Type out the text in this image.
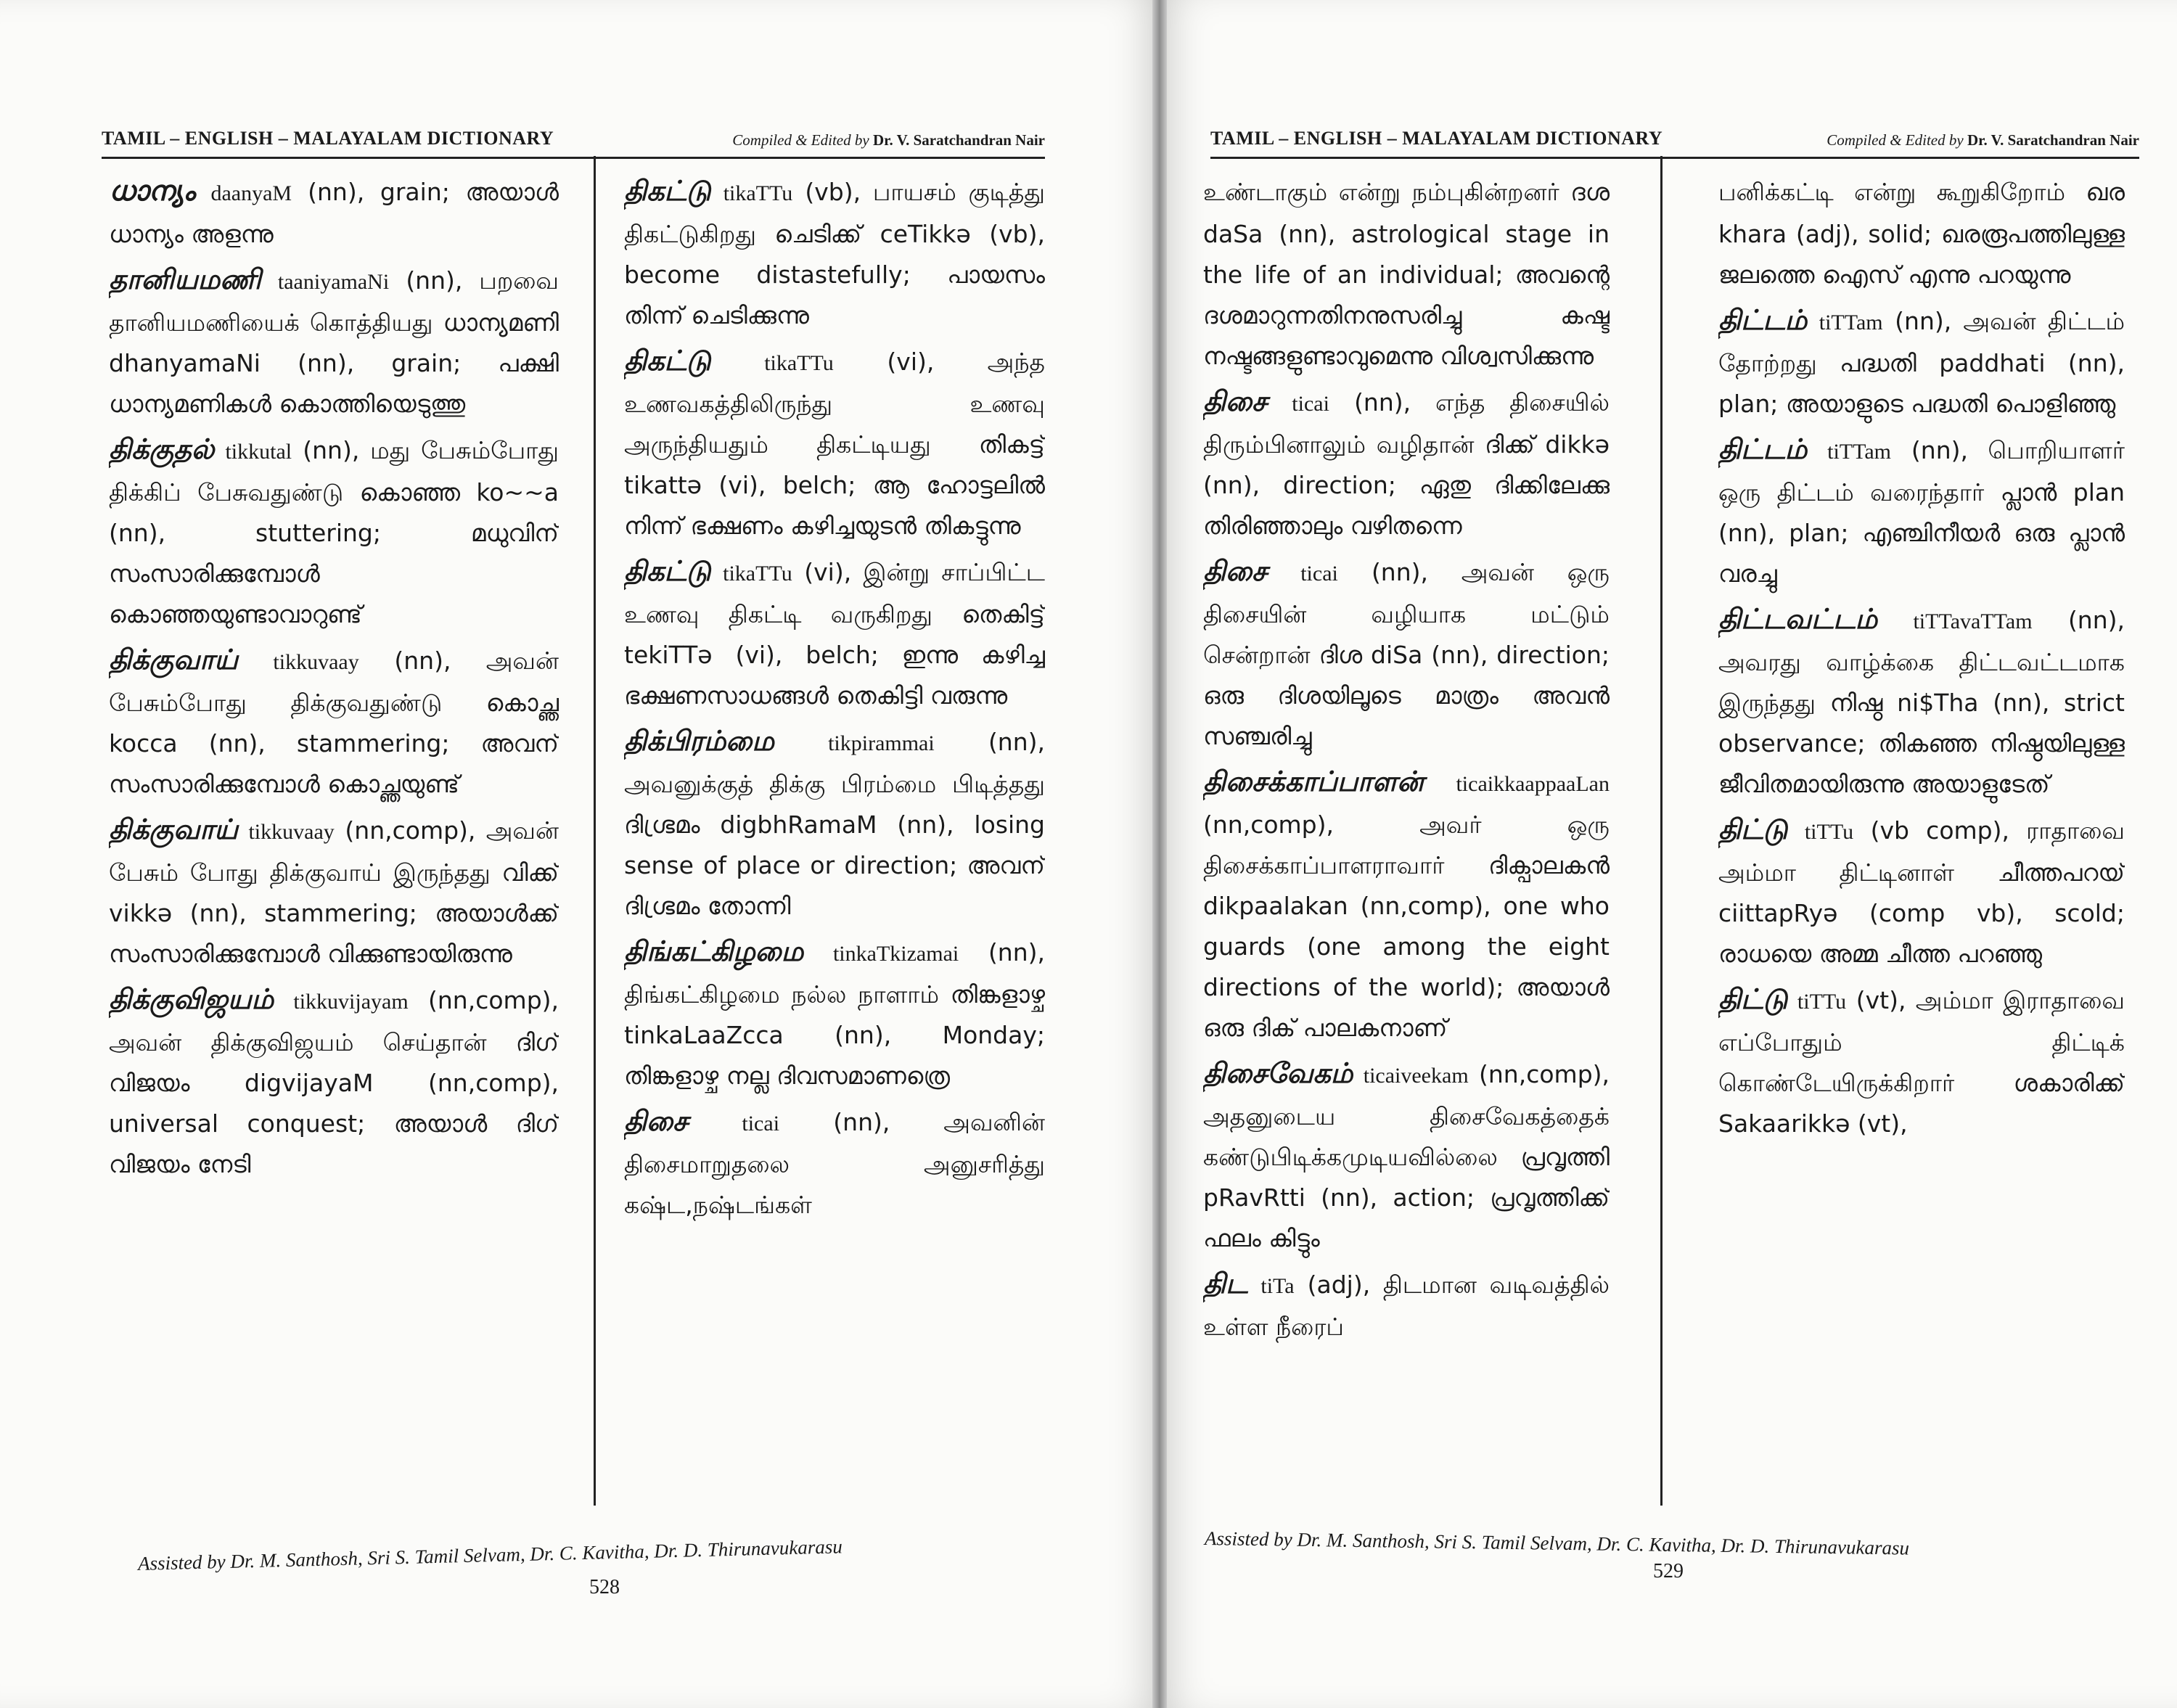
TAMIL – ENGLISH – MALAYALAM DICTIONARY	Compiled & Edited by Dr. V. Saratchandran Nair

ധാന്യം daanyaM (nn), grain; അയാൾ ധാന്യം അളന്നു

தானியமணி taaniyamaNi (nn), பறவை தானியமணியைக் கொத்தியது ധാന്യമണി dhanyamaNi (nn), grain; പക്ഷി ധാന്യമണികൾ കൊത്തിയെടുത്തു

திக்குதல் tikkutal (nn), மது பேசும்போது திக்கிப் பேசுவதுண்டு കൊഞ്ഞ ko~~a (nn), stuttering; മധുവിന് സംസാരിക്കുമ്പോൾ കൊഞ്ഞയുണ്ടാവാറുണ്ട്

திக்குவாய் tikkuvaay (nn), அவன் பேசும்போது திக்குவதுண்டு കൊച്ഞ kocca (nn), stammering; അവന് സംസാരിക്കുമ്പോൾ കൊച്ഞയുണ്ട്

திக்குவாய் tikkuvaay (nn,comp), அவன் பேசும் போது திக்குவாய் இருந்தது വിക്ക് vikkə (nn), stammering; അയാൾക്ക് സംസാരിക്കുമ്പോൾ വിക്കുണ്ടായിരുന്നു

திக்குவிஜயம் tikkuvijayam (nn,comp), அவன் திக்குவிஜயம் செய்தான் ദിഗ് വിജയം digvijayaM (nn,comp), universal conquest; അയാൾ ദിഗ് വിജയം നേടി

திகட்டு tikaTTu (vb), பாயசம் குடித்து திகட்டுகிறது ചെടിക്ക് ceTikkə (vb), become distastefully; പായസം തിന്ന് ചെടിക്കുന്നു

திகட்டு tikaTTu (vi), அந்த உணவகத்திலிருந்து உணவு அருந்தியதும் திகட்டியது തികട്ട് tikattə (vi), belch; ആ ഹോട്ടലിൽ നിന്ന് ഭക്ഷണം കഴിച്ചയുടൻ തികട്ടുന്നു

திகட்டு tikaTTu (vi), இன்று சாப்பிட்ட உணவு திகட்டி வருகிறது തെകിട്ട് tekiTTə (vi), belch; ഇന്നു കഴിച്ച ഭക്ഷണസാധങ്ങൾ തെകിട്ടി വരുന്നു

திக்பிரம்மை tikpirammai (nn), அவனுக்குத் திக்கு பிரம்மை பிடித்தது ദിഗ്ഭ്രമം digbhRamaM (nn), losing sense of place or direction; അവന് ദിഗ്ഭ്രമം തോന്നി

திங்கட்கிழமை tinkaTkizamai (nn), திங்கட்கிழமை நல்ல நாளாம் തിങ്കളാഴ്ച tinkaLaaZcca (nn), Monday; തിങ്കളാഴ്ച നല്ല ദിവസമാണത്രെ

திசை ticai (nn), அவனின் திசைமாறுதலை அனுசரித்து கஷ்ட,நஷ்டங்கள்

Assisted by Dr. M. Santhosh, Sri S. Tamil Selvam, Dr. C. Kavitha, Dr. D. Thirunavukarasu
528
TAMIL – ENGLISH – MALAYALAM DICTIONARY	Compiled & Edited by Dr. V. Saratchandran Nair

உண்டாகும் என்று நம்புகின்றனர் ദശ daSa (nn), astrological stage in the life of an individual; അവന്റെ ദശമാറുന്നതിനനുസരിച്ചു കഷ്ട നഷ്ടങ്ങളുണ്ടാവുമെന്നു വിശ്വസിക്കുന്നു

திசை ticai (nn), எந்த திசையில் திரும்பினாலும் வழிதான் ദിക്ക് dikkə (nn), direction; ഏതു ദിക്കിലേക്കു തിരിഞ്ഞാലും വഴിതന്നെ

திசை ticai (nn), அவன் ஒரு திசையின் வழியாக மட்டும் சென்றான் ദിശ diSa (nn), direction; ഒരു ദിശയിലൂടെ മാത്രം അവൻ സഞ്ചരിച്ചു

திசைக்காப்பாளன் ticaikkaappaaLan (nn,comp), அவர் ஒரு திசைக்காப்பாளராவார் ദിക്പാലകൻ dikpaalakan (nn,comp), one who guards (one among the eight directions of the world); അയാൾ ഒരു ദിക് പാലകനാണ്

திசைவேகம் ticaiveekam (nn,comp), அதனுடைய திசைவேகத்தைக் கண்டுபிடிக்கமுடியவில்லை പ്രവൃത്തി pRavRtti (nn), action; പ്രവൃത്തിക്ക് ഫലം കിട്ടും

திட tiTa (adj), திடமான வடிவத்தில் உள்ள நீரைப்

பனிக்கட்டி என்று கூறுகிறோம் ഖര khara (adj), solid; ഖരരൂപത്തിലുള്ള ജലത്തെ ഐസ് എന്നു പറയുന്നു

திட்டம் tiTTam (nn), அவன் திட்டம் தோற்றது പദ്ധതി paddhati (nn), plan; അയാളുടെ പദ്ധതി പൊളിഞ്ഞു

திட்டம் tiTTam (nn), பொறியாளர் ஒரு திட்டம் வரைந்தார் പ്ലാൻ plan (nn), plan; എഞ്ചിനീയർ ഒരു പ്ലാൻ വരച്ചു

திட்டவட்டம் tiTTavaTTam (nn), அவரது வாழ்க்கை திட்டவட்டமாக இருந்தது നിഷ്ഠ ni$Tha (nn), strict observance; തികഞ്ഞ നിഷ്ഠയിലുള്ള ജീവിതമായിരുന്നു അയാളുടേത്

திட்டு tiTTu (vb comp), ராதாவை அம்மா திட்டினாள் ചീത്തപറയ് ciittapRyə (comp vb), scold; രാധയെ അമ്മ ചീത്ത പറഞ്ഞു

திட்டு tiTTu (vt), அம்மா இராதாவை எப்போதும் திட்டிக் கொண்டேயிருக்கிறார் ശകാരിക്ക് Sakaarikkə (vt),

Assisted by Dr. M. Santhosh, Sri S. Tamil Selvam, Dr. C. Kavitha, Dr. D. Thirunavukarasu
529
